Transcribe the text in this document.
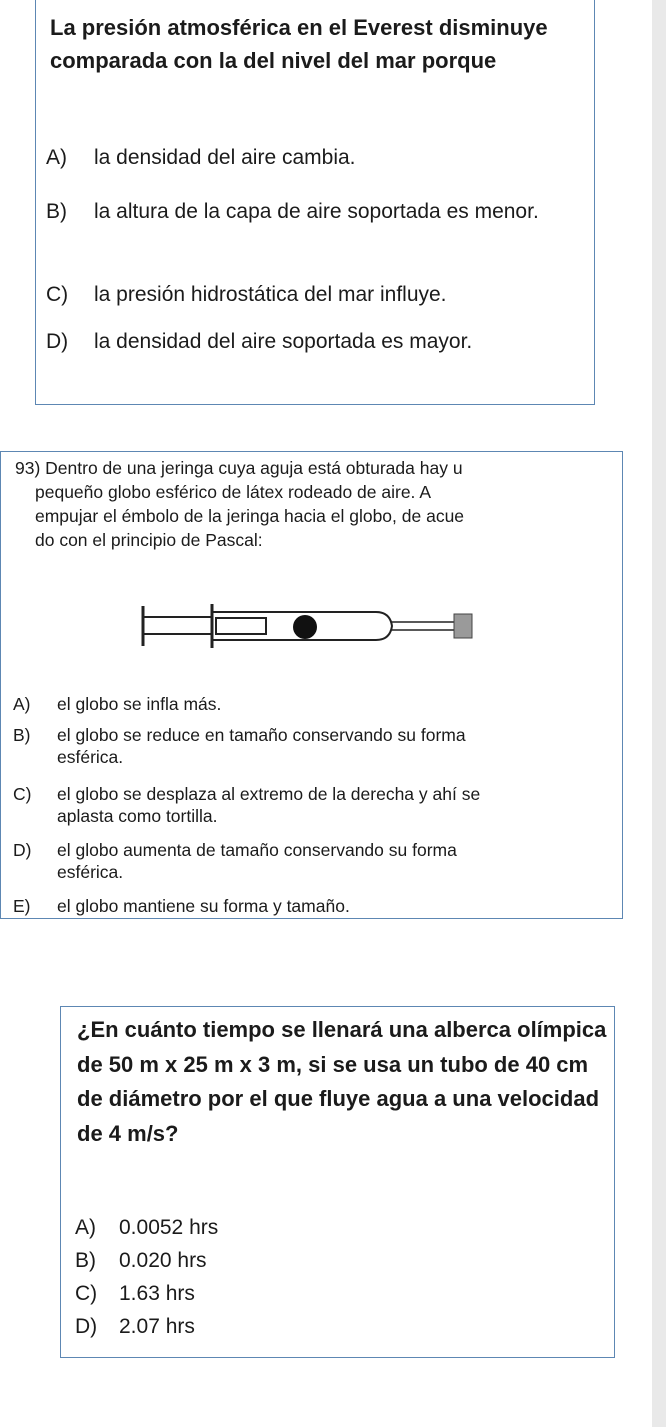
La presión atmosférica en el Everest disminuye comparada con la del nivel del mar porque
A)	la densidad del aire cambia.
B)	la altura de la capa de aire soportada es menor.
C)	la presión hidrostática del mar influye.
D)	la densidad del aire soportada es mayor.
93) Dentro de una jeringa cuya aguja está obturada hay u
pequeño globo esférico de látex rodeado de aire. A
empujar el émbolo de la jeringa hacia el globo, de acue
do con el principio de Pascal:
A) el globo se infla más.
B) el globo se reduce en tamaño conservando su forma
esférica.
C) el globo se desplaza al extremo de la derecha y ahí se
aplasta como tortilla.
D) el globo aumenta de tamaño conservando su forma
esférica.
E) el globo mantiene su forma y tamaño.
¿En cuánto tiempo se llenará una alberca olímpica de 50 m x 25 m x 3 m, si se usa un tubo de 40 cm de diámetro por el que fluye agua a una velocidad de 4 m/s?
A) 0.0052 hrs
B) 0.020 hrs
C) 1.63 hrs
D) 2.07 hrs
